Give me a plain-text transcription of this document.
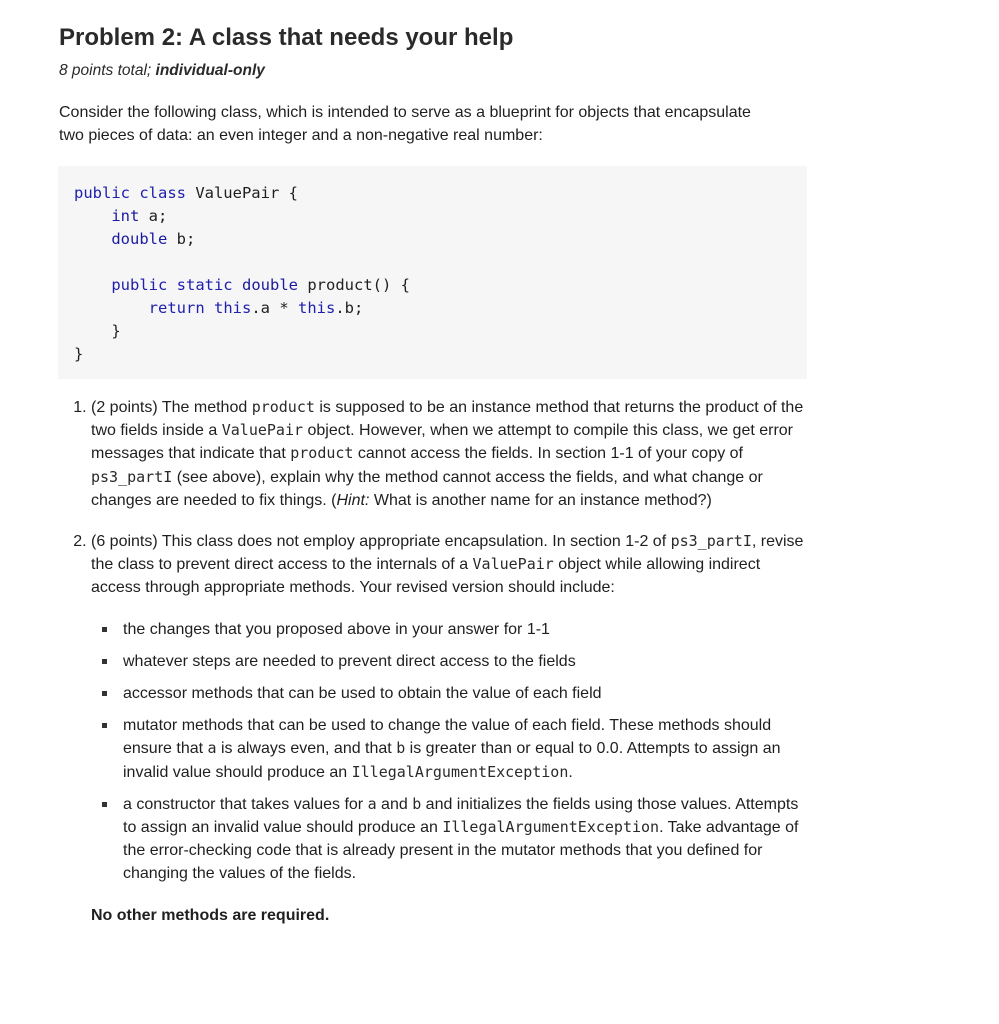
Problem 2: A class that needs your help
8 points total; individual-only
Consider the following class, which is intended to serve as a blueprint for objects that encapsulate two pieces of data: an even integer and a non-negative real number:
public class ValuePair {
int a;
double b;

public static double product() {
return this.a * this.b;
}
}
1. (2 points) The method product is supposed to be an instance method that returns the product of the two fields inside a ValuePair object. However, when we attempt to compile this class, we get error messages that indicate that product cannot access the fields. In section 1-1 of your copy of ps3_partI (see above), explain why the method cannot access the fields, and what change or changes are needed to fix things. (Hint: What is another name for an instance method?)
2. (6 points) This class does not employ appropriate encapsulation. In section 1-2 of ps3_partI, revise the class to prevent direct access to the internals of a ValuePair object while allowing indirect access through appropriate methods. Your revised version should include:
the changes that you proposed above in your answer for 1-1
whatever steps are needed to prevent direct access to the fields
accessor methods that can be used to obtain the value of each field
mutator methods that can be used to change the value of each field. These methods should ensure that a is always even, and that b is greater than or equal to 0.0. Attempts to assign an invalid value should produce an IllegalArgumentException.
a constructor that takes values for a and b and initializes the fields using those values. Attempts to assign an invalid value should produce an IllegalArgumentException. Take advantage of the error-checking code that is already present in the mutator methods that you defined for changing the values of the fields.
No other methods are required.
